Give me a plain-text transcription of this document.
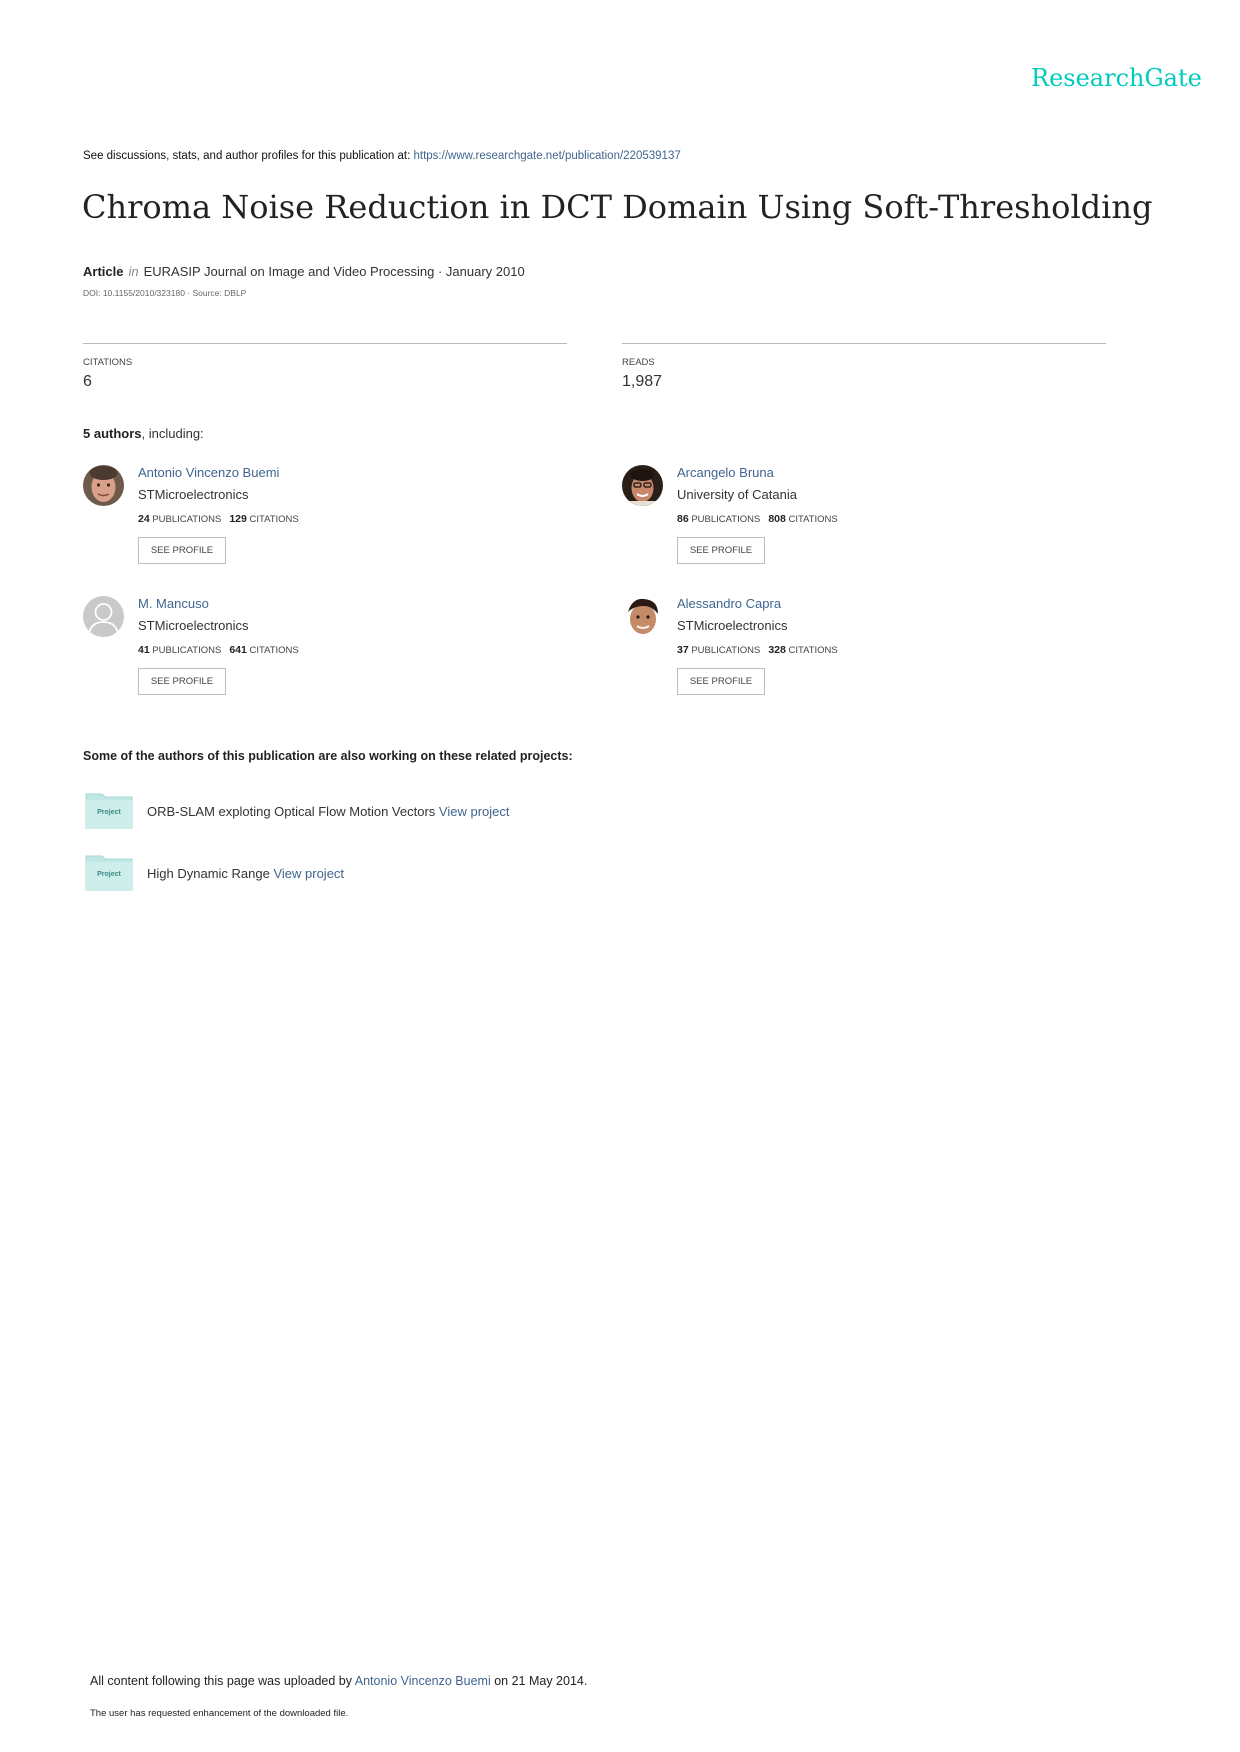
ResearchGate
See discussions, stats, and author profiles for this publication at: https://www.researchgate.net/publication/220539137
Chroma Noise Reduction in DCT Domain Using Soft-Thresholding
Article in EURASIP Journal on Image and Video Processing · January 2010
DOI: 10.1155/2010/323180 · Source: DBLP
CITATIONS
6
READS
1,987
5 authors, including:
Antonio Vincenzo Buemi
STMicroelectronics
24 PUBLICATIONS 129 CITATIONS
SEE PROFILE
Arcangelo Bruna
University of Catania
86 PUBLICATIONS 808 CITATIONS
SEE PROFILE
M. Mancuso
STMicroelectronics
41 PUBLICATIONS 641 CITATIONS
SEE PROFILE
Alessandro Capra
STMicroelectronics
37 PUBLICATIONS 328 CITATIONS
SEE PROFILE
Some of the authors of this publication are also working on these related projects:
Project	ORB-SLAM exploting Optical Flow Motion Vectors View project
Project	High Dynamic Range View project
All content following this page was uploaded by Antonio Vincenzo Buemi on 21 May 2014.
The user has requested enhancement of the downloaded file.
